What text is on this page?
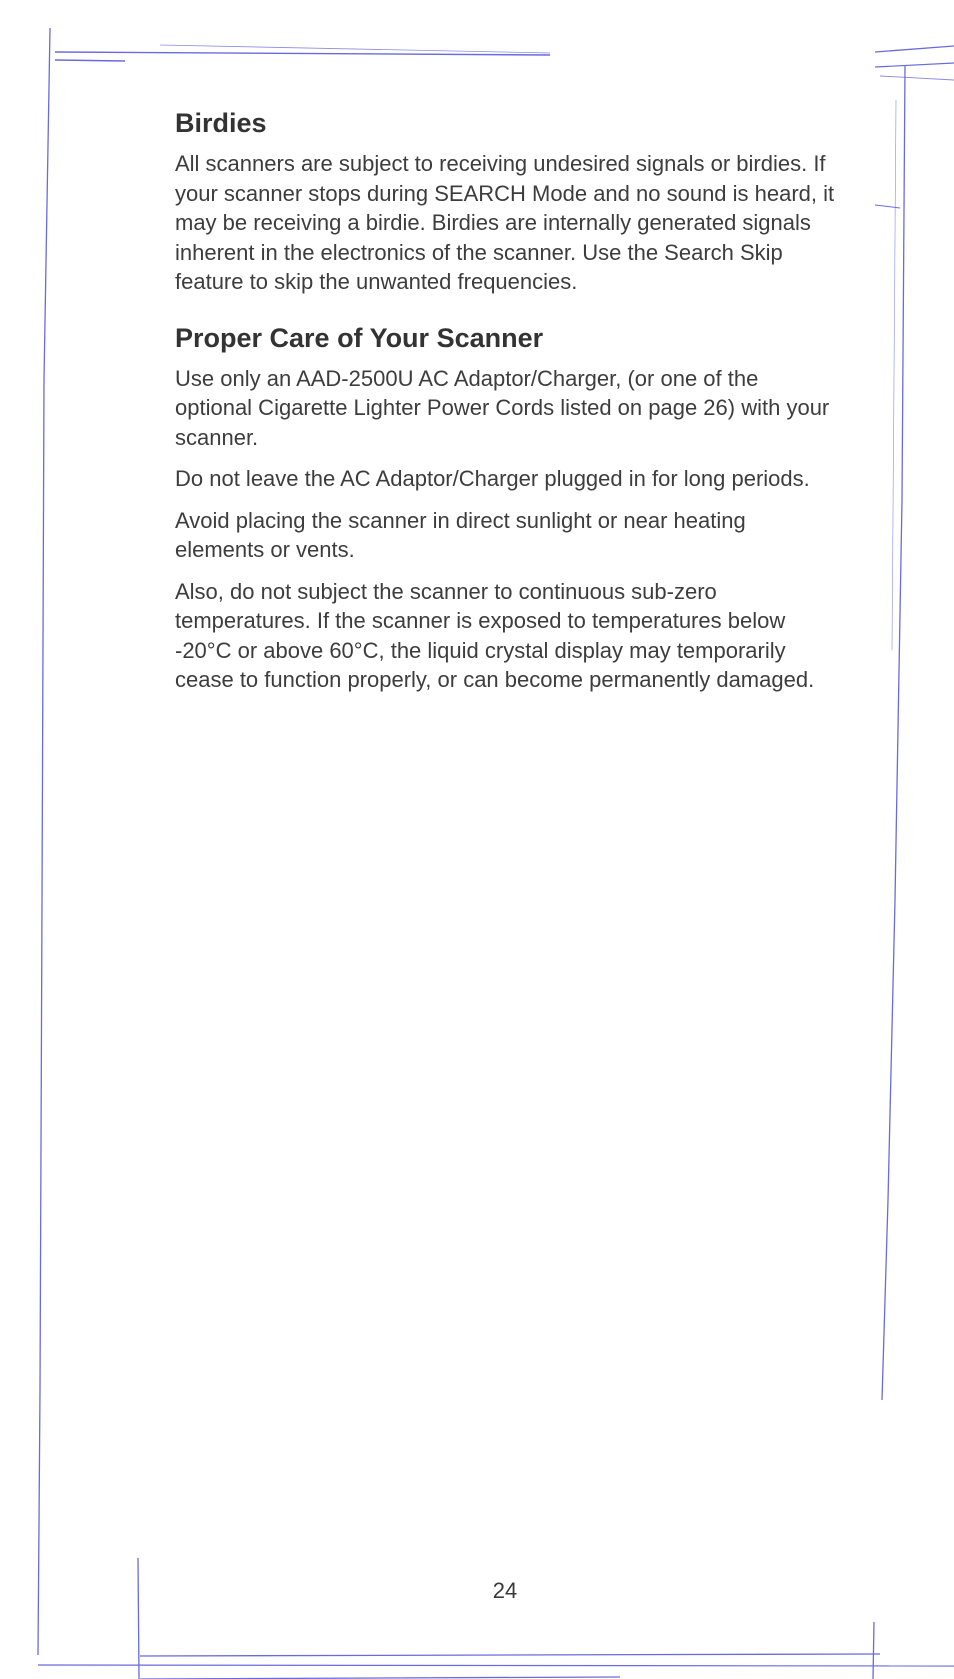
Birdies

All scanners are subject to receiving undesired signals or birdies. If your scanner stops during SEARCH Mode and no sound is heard, it may be receiving a birdie. Birdies are internally generated signals inherent in the electronics of the scanner. Use the Search Skip feature to skip the unwanted frequencies.

Proper Care of Your Scanner

Use only an AAD-2500U AC Adaptor/Charger, (or one of the optional Cigarette Lighter Power Cords listed on page 26) with your scanner.

Do not leave the AC Adaptor/Charger plugged in for long periods.

Avoid placing the scanner in direct sunlight or near heating elements or vents.

Also, do not subject the scanner to continuous sub-zero temperatures. If the scanner is exposed to temperatures below -20°C or above 60°C, the liquid crystal display may temporarily cease to function properly, or can become permanently damaged.

24
